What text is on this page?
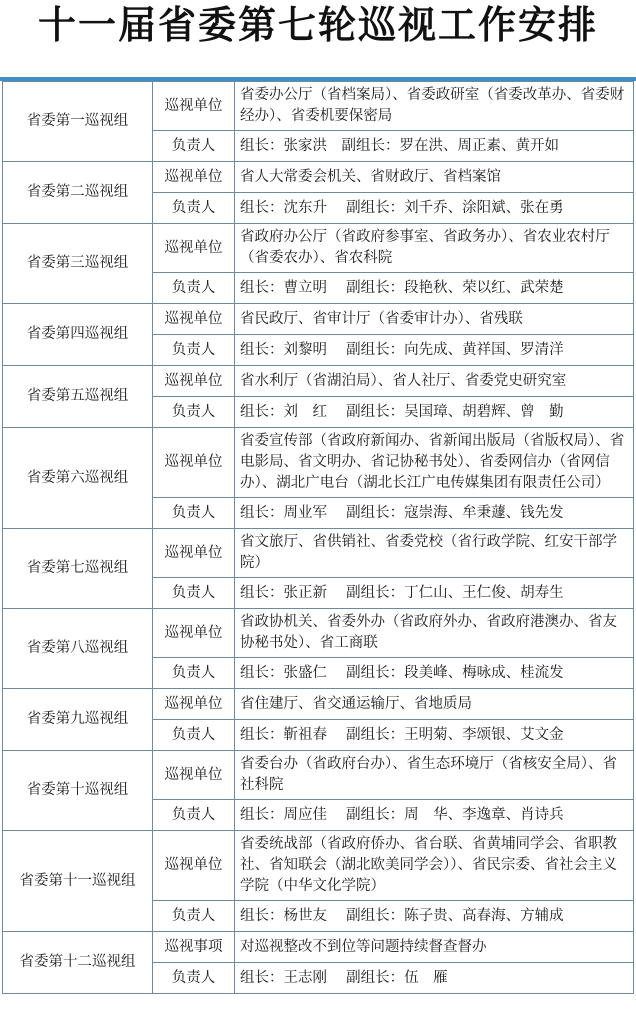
十一届省委第七轮巡视工作安排
省委第一巡视组	巡视单位	省委办公厅（省档案局）、省委政研室（省委改革办、省委财经办）、省委机要保密局
	负责人	组长：张家洪　副组长：罗在洪、周正素、黄开如
省委第二巡视组	巡视单位	省人大常委会机关、省财政厅、省档案馆
	负责人	组长：沈东升　 副组长：刘千乔、涂阳斌、张在勇
省委第三巡视组	巡视单位	省政府办公厅（省政府参事室、省政务办）、省农业农村厅（省委农办）、省农科院
	负责人	组长：曹立明　 副组长：段艳秋、荣以红、武荣楚
省委第四巡视组	巡视单位	省民政厅、省审计厅（省委审计办）、省残联
	负责人	组长：刘黎明　 副组长：向先成、黄祥国、罗清洋
省委第五巡视组	巡视单位	省水利厅（省湖泊局）、省人社厅、省委党史研究室
	负责人	组长：刘　红　 副组长：吴国璋、胡碧辉、曾　勤
省委第六巡视组	巡视单位	省委宣传部（省政府新闻办、省新闻出版局（省版权局）、省电影局、省文明办、省记协秘书处）、省委网信办（省网信办）、湖北广电台（湖北长江广电传媒集团有限责任公司）
	负责人	组长：周业军　 副组长：寇崇海、牟秉蘧、钱先发
省委第七巡视组	巡视单位	省文旅厅、省供销社、省委党校（省行政学院、红安干部学院）
	负责人	组长：张正新　 副组长：丁仁山、王仁俊、胡寿生
省委第八巡视组	巡视单位	省政协机关、省委外办（省政府外办、省政府港澳办、省友协秘书处）、省工商联
	负责人	组长：张盛仁　 副组长：段美峰、梅咏成、桂流发
省委第九巡视组	巡视单位	省住建厅、省交通运输厅、省地质局
	负责人	组长：靳祖春　 副组长：王明菊、李颂银、艾文金
省委第十巡视组	巡视单位	省委台办（省政府台办）、省生态环境厅（省核安全局）、省社科院
	负责人	组长：周应佳　 副组长：周　华、李逸章、肖诗兵
省委第十一巡视组	巡视单位	省委统战部（省政府侨办、省台联、省黄埔同学会、省职教社、省知联会（湖北欧美同学会））、省民宗委、省社会主义学院（中华文化学院）
	负责人	组长：杨世友　 副组长：陈子贵、高春海、方辅成
省委第十二巡视组	巡视事项	对巡视整改不到位等问题持续督查督办
	负责人	组长：王志刚　 副组长：伍　雁
